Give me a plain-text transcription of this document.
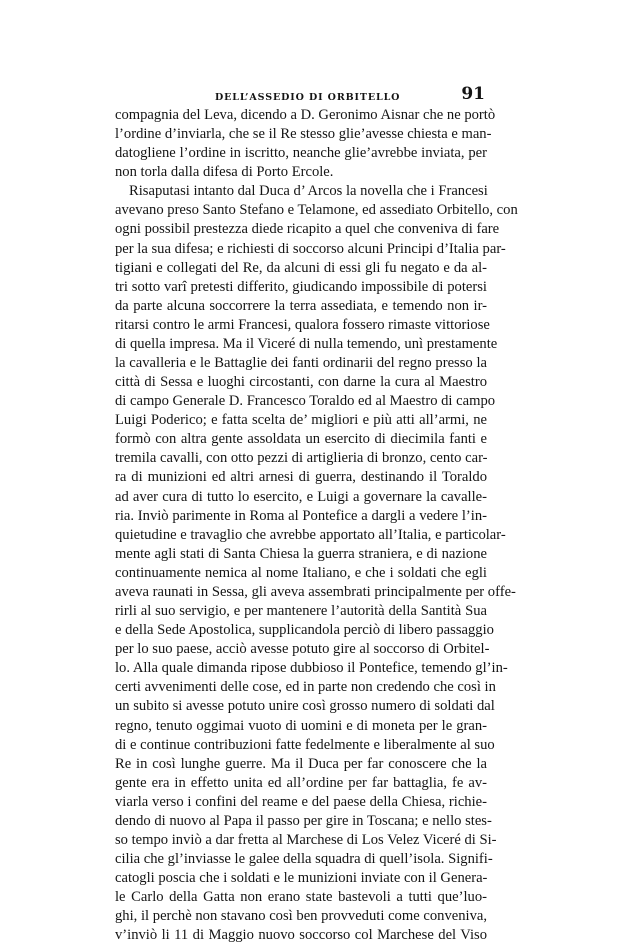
DELL’ASSEDIO DI ORBITELLO	91
compagnia del Leva, dicendo a D. Geronimo Aisnar che ne portò
l’ordine d’inviarla, che se il Re stesso glie’avesse chiesta e man-
datogliene l’ordine in iscritto, neanche glie’avrebbe inviata, per
non torla dalla difesa di Porto Ercole.
Risaputasi intanto dal Duca d’ Arcos la novella che i Francesi
avevano preso Santo Stefano e Telamone, ed assediato Orbitello, con
ogni possibil prestezza diede ricapito a quel che conveniva di fare
per la sua difesa; e richiesti di soccorso alcuni Principi d’Italia par-
tigiani e collegati del Re, da alcuni di essi gli fu negato e da al-
tri sotto varî pretesti differito, giudicando impossibile di potersi
da parte alcuna soccorrere la terra assediata, e temendo non ir-
ritarsi contro le armi Francesi, qualora fossero rimaste vittoriose
di quella impresa. Ma il Viceré di nulla temendo, unì prestamente
la cavalleria e le Battaglie dei fanti ordinarii del regno presso la
città di Sessa e luoghi circostanti, con darne la cura al Maestro
di campo Generale D. Francesco Toraldo ed al Maestro di campo
Luigi Poderico; e fatta scelta de’ migliori e più atti all’armi, ne
formò con altra gente assoldata un esercito di diecimila fanti e
tremila cavalli, con otto pezzi di artiglieria di bronzo, cento car-
ra di munizioni ed altri arnesi di guerra, destinando il Toraldo
ad aver cura di tutto lo esercito, e Luigi a governare la cavalle-
ria. Inviò parimente in Roma al Pontefice a dargli a vedere l’in-
quietudine e travaglio che avrebbe apportato all’Italia, e particolar-
mente agli stati di Santa Chiesa la guerra straniera, e di nazione
continuamente nemica al nome Italiano, e che i soldati che egli
aveva raunati in Sessa, gli aveva assembrati principalmente per offe-
rirli al suo servigio, e per mantenere l’autorità della Santità Sua
e della Sede Apostolica, supplicandola perciò di libero passaggio
per lo suo paese, acciò avesse potuto gire al soccorso di Orbitel-
lo. Alla quale dimanda ripose dubbioso il Pontefice, temendo gl’in-
certi avvenimenti delle cose, ed in parte non credendo che così in
un subito si avesse potuto unire così grosso numero di soldati dal
regno, tenuto oggimai vuoto di uomini e di moneta per le gran-
di e continue contribuzioni fatte fedelmente e liberalmente al suo
Re in così lunghe guerre. Ma il Duca per far conoscere che la
gente era in effetto unita ed all’ordine per far battaglia, fe av-
viarla verso i confini del reame e del paese della Chiesa, richie-
dendo di nuovo al Papa il passo per gire in Toscana; e nello stes-
so tempo inviò a dar fretta al Marchese di Los Velez Viceré di Si-
cilia che gl’inviasse le galee della squadra di quell’isola. Signifi-
catogli poscia che i soldati e le munizioni inviate con il Genera-
le Carlo della Gatta non erano state bastevoli a tutti que’luo-
ghi, il perchè non stavano così ben provveduti come conveniva,
v’inviò li 11 di Maggio nuovo soccorso col Marchese del Viso
